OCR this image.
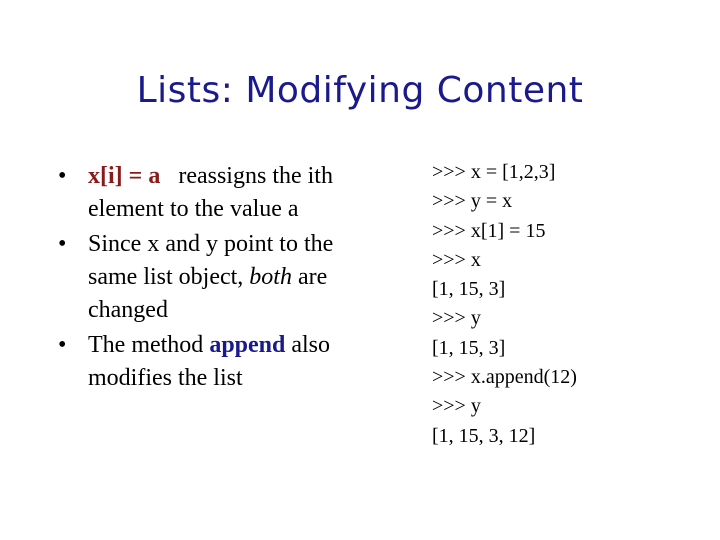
Lists: Modifying Content
• x[i] = a reassigns the ith element to the value a
• Since x and y point to the same list object, both are changed
• The method append also modifies the list
>>> x = [1,2,3]
>>> y = x
>>> x[1] = 15
>>> x
[1, 15, 3]
>>> y
[1, 15, 3]
>>> x.append(12)
>>> y
[1, 15, 3, 12]
